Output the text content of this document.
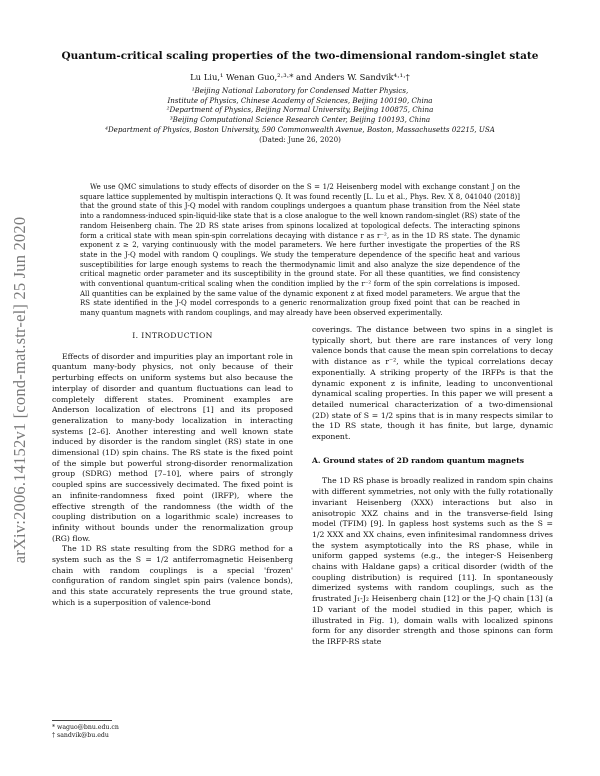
arXiv:2006.14152v1 [cond-mat.str-el] 25 Jun 2020
Quantum-critical scaling properties of the two-dimensional random-singlet state
Lu Liu,¹ Wenan Guo,²·³·* and Anders W. Sandvik⁴·¹·†
¹Beijing National Laboratory for Condensed Matter Physics,
Institute of Physics, Chinese Academy of Sciences, Beijing 100190, China
²Department of Physics, Beijing Normal University, Beijing 100875, China
³Beijing Computational Science Research Center, Beijing 100193, China
⁴Department of Physics, Boston University, 590 Commonwealth Avenue, Boston, Massachusetts 02215, USA
(Dated: June 26, 2020)
We use QMC simulations to study effects of disorder on the S = 1/2 Heisenberg model with exchange constant J on the square lattice supplemented by multispin interactions Q. It was found recently [L. Lu et al., Phys. Rev. X 8, 041040 (2018)] that the ground state of this J-Q model with random couplings undergoes a quantum phase transition from the Néel state into a randomness-induced spin-liquid-like state that is a close analogue to the well known random-singlet (RS) state of the random Heisenberg chain. The 2D RS state arises from spinons localized at topological defects. The interacting spinons form a critical state with mean spin-spin correlations decaying with distance r as r⁻², as in the 1D RS state. The dynamic exponent z ≥ 2, varying continuously with the model parameters. We here further investigate the properties of the RS state in the J-Q model with random Q couplings. We study the temperature dependence of the specific heat and various susceptibilities for large enough systems to reach the thermodynamic limit and also analyze the size dependence of the critical magnetic order parameter and its susceptibility in the ground state. For all these quantities, we find consistency with conventional quantum-critical scaling when the condition implied by the r⁻² form of the spin correlations is imposed. All quantities can be explained by the same value of the dynamic exponent z at fixed model parameters. We argue that the RS state identified in the J-Q model corresponds to a generic renormalization group fixed point that can be reached in many quantum magnets with random couplings, and may already have been observed experimentally.
I. INTRODUCTION

Effects of disorder and impurities play an important role in quantum many-body physics, not only because of their perturbing effects on uniform systems but also because the interplay of disorder and quantum fluctuations can lead to completely different states. Prominent examples are Anderson localization of electrons [1] and its proposed generalization to many-body localization in interacting systems [2–6]. Another interesting and well known state induced by disorder is the random singlet (RS) state in one dimensional (1D) spin chains. The RS state is the fixed point of the simple but powerful strong-disorder renormalization group (SDRG) method [7–10], where pairs of strongly coupled spins are successively decimated. The fixed point is an infinite-randomness fixed point (IRFP), where the effective strength of the randomness (the width of the coupling distribution on a logarithmic scale) increases to infinity without bounds under the renormalization group (RG) flow.

The 1D RS state resulting from the SDRG method for a system such as the S = 1/2 antiferromagnetic Heisenberg chain with random couplings is a special 'frozen' configuration of random singlet spin pairs (valence bonds), and this state accurately represents the true ground state, which is a superposition of valence-bond

coverings. The distance between two spins in a singlet is typically short, but there are rare instances of very long valence bonds that cause the mean spin correlations to decay with distance as r⁻², while the typical correlations decay exponentially. A striking property of the IRFPs is that the dynamic exponent z is infinite, leading to unconventional dynamical scaling properties. In this paper we will present a detailed numerical characterization of a two-dimensional (2D) state of S = 1/2 spins that is in many respects similar to the 1D RS state, though it has finite, but large, dynamic exponent.

A. Ground states of 2D random quantum magnets

The 1D RS phase is broadly realized in random spin chains with different symmetries, not only with the fully rotationally invariant Heisenberg (XXX) interactions but also in anisotropic XXZ chains and in the transverse-field Ising model (TFIM) [9]. In gapless host systems such as the S = 1/2 XXX and XX chains, even infinitesimal randomness drives the system asymptotically into the RS phase, while in uniform gapped systems (e.g., the integer-S Heisenberg chains with Haldane gaps) a critical disorder (width of the coupling distribution) is required [11]. In spontaneously dimerized systems with random couplings, such as the frustrated J₁-J₂ Heisenberg chain [12] or the J-Q chain [13] (a 1D variant of the model studied in this paper, which is illustrated in Fig. 1), domain walls with localized spinons form for any disorder strength and those spinons can form the IRFP-RS state

* waguo@bnu.edu.cn
† sandvik@bu.edu
